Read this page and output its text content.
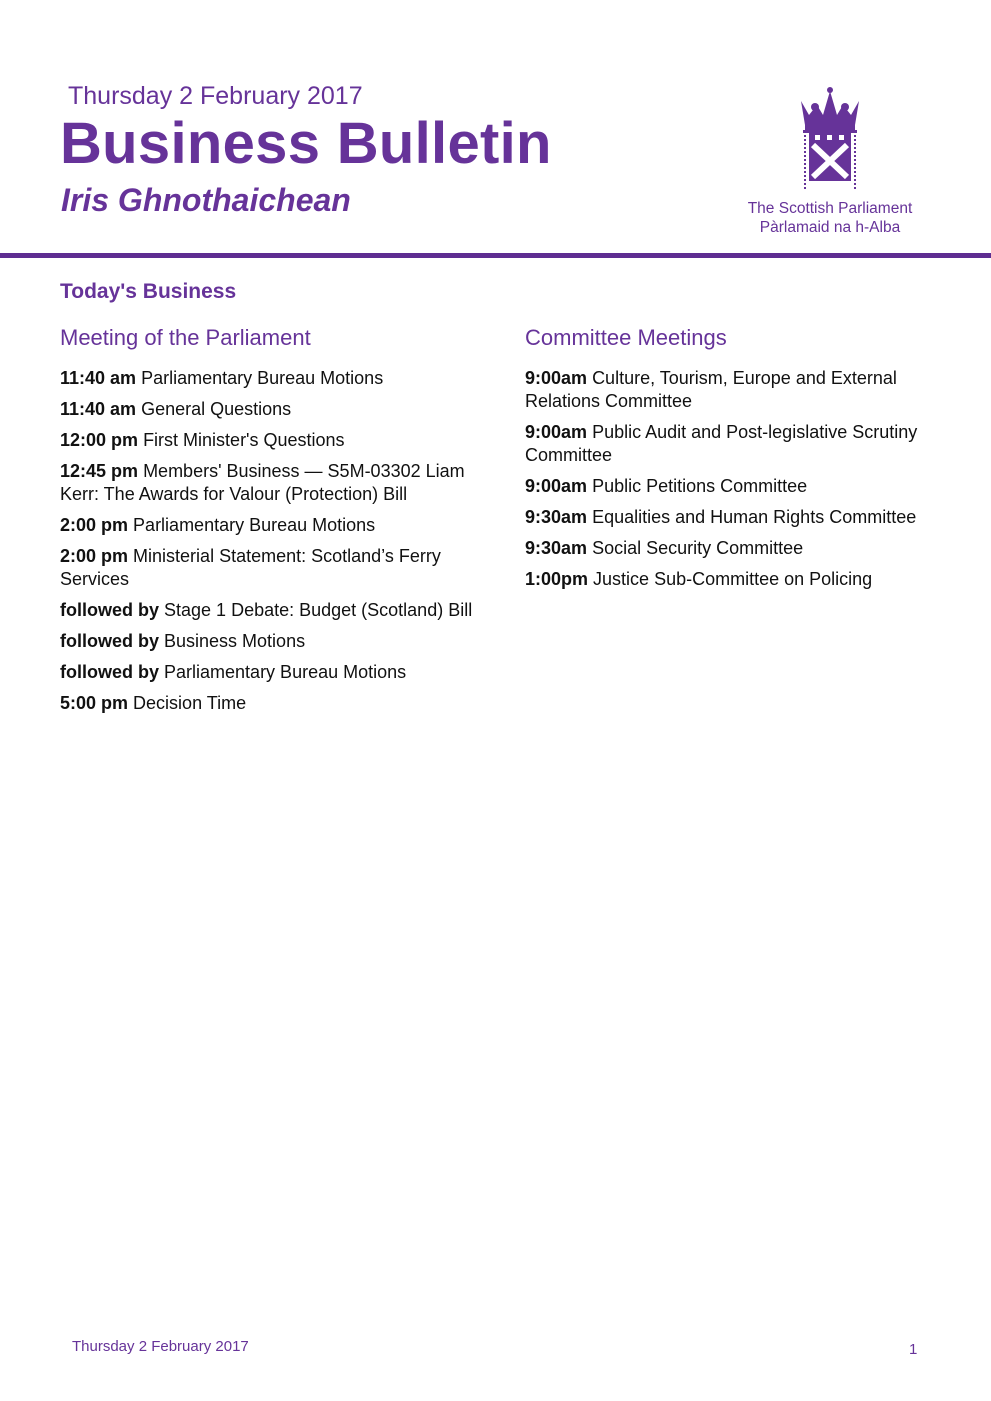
Thursday 2 February 2017
Business Bulletin
Iris Ghnothaichean	The Scottish Parliament
Pàrlamaid na h-Alba
Today's Business
Meeting of the Parliament
11:40 am Parliamentary Bureau Motions
11:40 am General Questions
12:00 pm First Minister's Questions
12:45 pm Members' Business — S5M-03302 Liam Kerr: The Awards for Valour (Protection) Bill
2:00 pm Parliamentary Bureau Motions
2:00 pm Ministerial Statement: Scotland’s Ferry Services
followed by Stage 1 Debate: Budget (Scotland) Bill
followed by Business Motions
followed by Parliamentary Bureau Motions
5:00 pm Decision Time
Committee Meetings
9:00am Culture, Tourism, Europe and External Relations Committee
9:00am Public Audit and Post-legislative Scrutiny Committee
9:00am Public Petitions Committee
9:30am Equalities and Human Rights Committee
9:30am Social Security Committee
1:00pm Justice Sub-Committee on Policing
Thursday 2 February 2017	1
